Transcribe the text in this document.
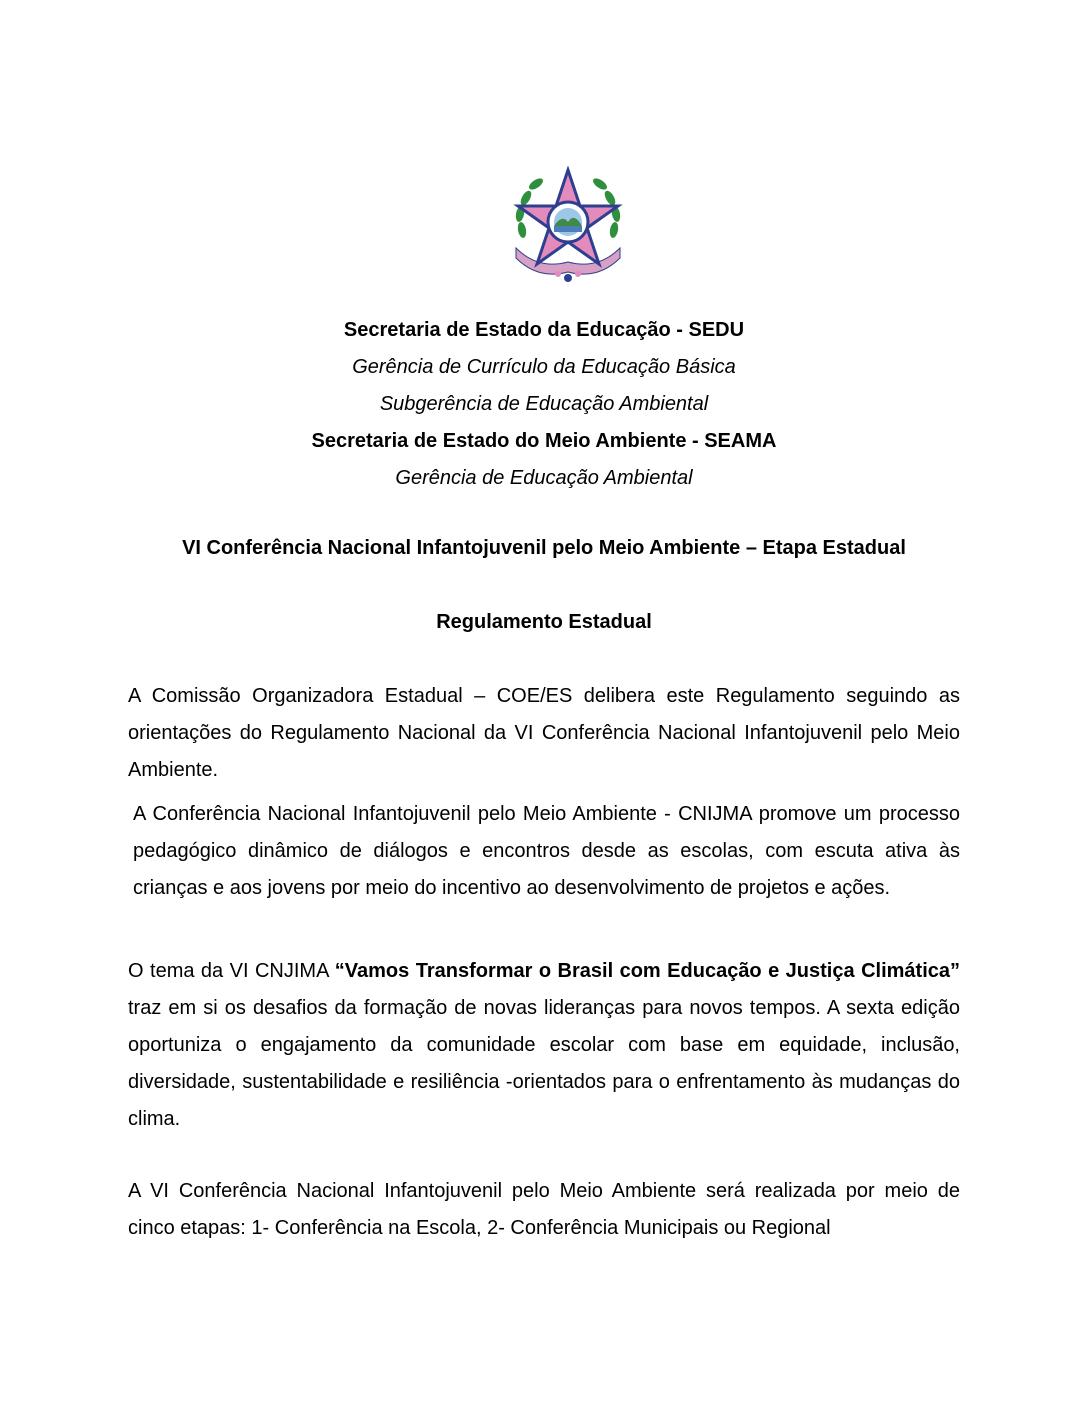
Secretaria de Estado da Educação - SEDU
Gerência de Currículo da Educação Básica
Subgerência de Educação Ambiental
Secretaria de Estado do Meio Ambiente - SEAMA
Gerência de Educação Ambiental
VI Conferência Nacional Infantojuvenil pelo Meio Ambiente – Etapa Estadual
Regulamento Estadual

A Comissão Organizadora Estadual – COE/ES delibera este Regulamento seguindo as orientações do Regulamento Nacional da VI Conferência Nacional Infantojuvenil pelo Meio Ambiente.

A Conferência Nacional Infantojuvenil pelo Meio Ambiente - CNIJMA promove um processo pedagógico dinâmico de diálogos e encontros desde as escolas, com escuta ativa às crianças e aos jovens por meio do incentivo ao desenvolvimento de projetos e ações.

O tema da VI CNJIMA “Vamos Transformar o Brasil com Educação e Justiça Climática” traz em si os desafios da formação de novas lideranças para novos tempos. A sexta edição oportuniza o engajamento da comunidade escolar com base em equidade, inclusão, diversidade, sustentabilidade e resiliência -orientados para o enfrentamento às mudanças do clima.

A VI Conferência Nacional Infantojuvenil pelo Meio Ambiente será realizada por meio de cinco etapas: 1- Conferência na Escola, 2- Conferência Municipais ou Regional
